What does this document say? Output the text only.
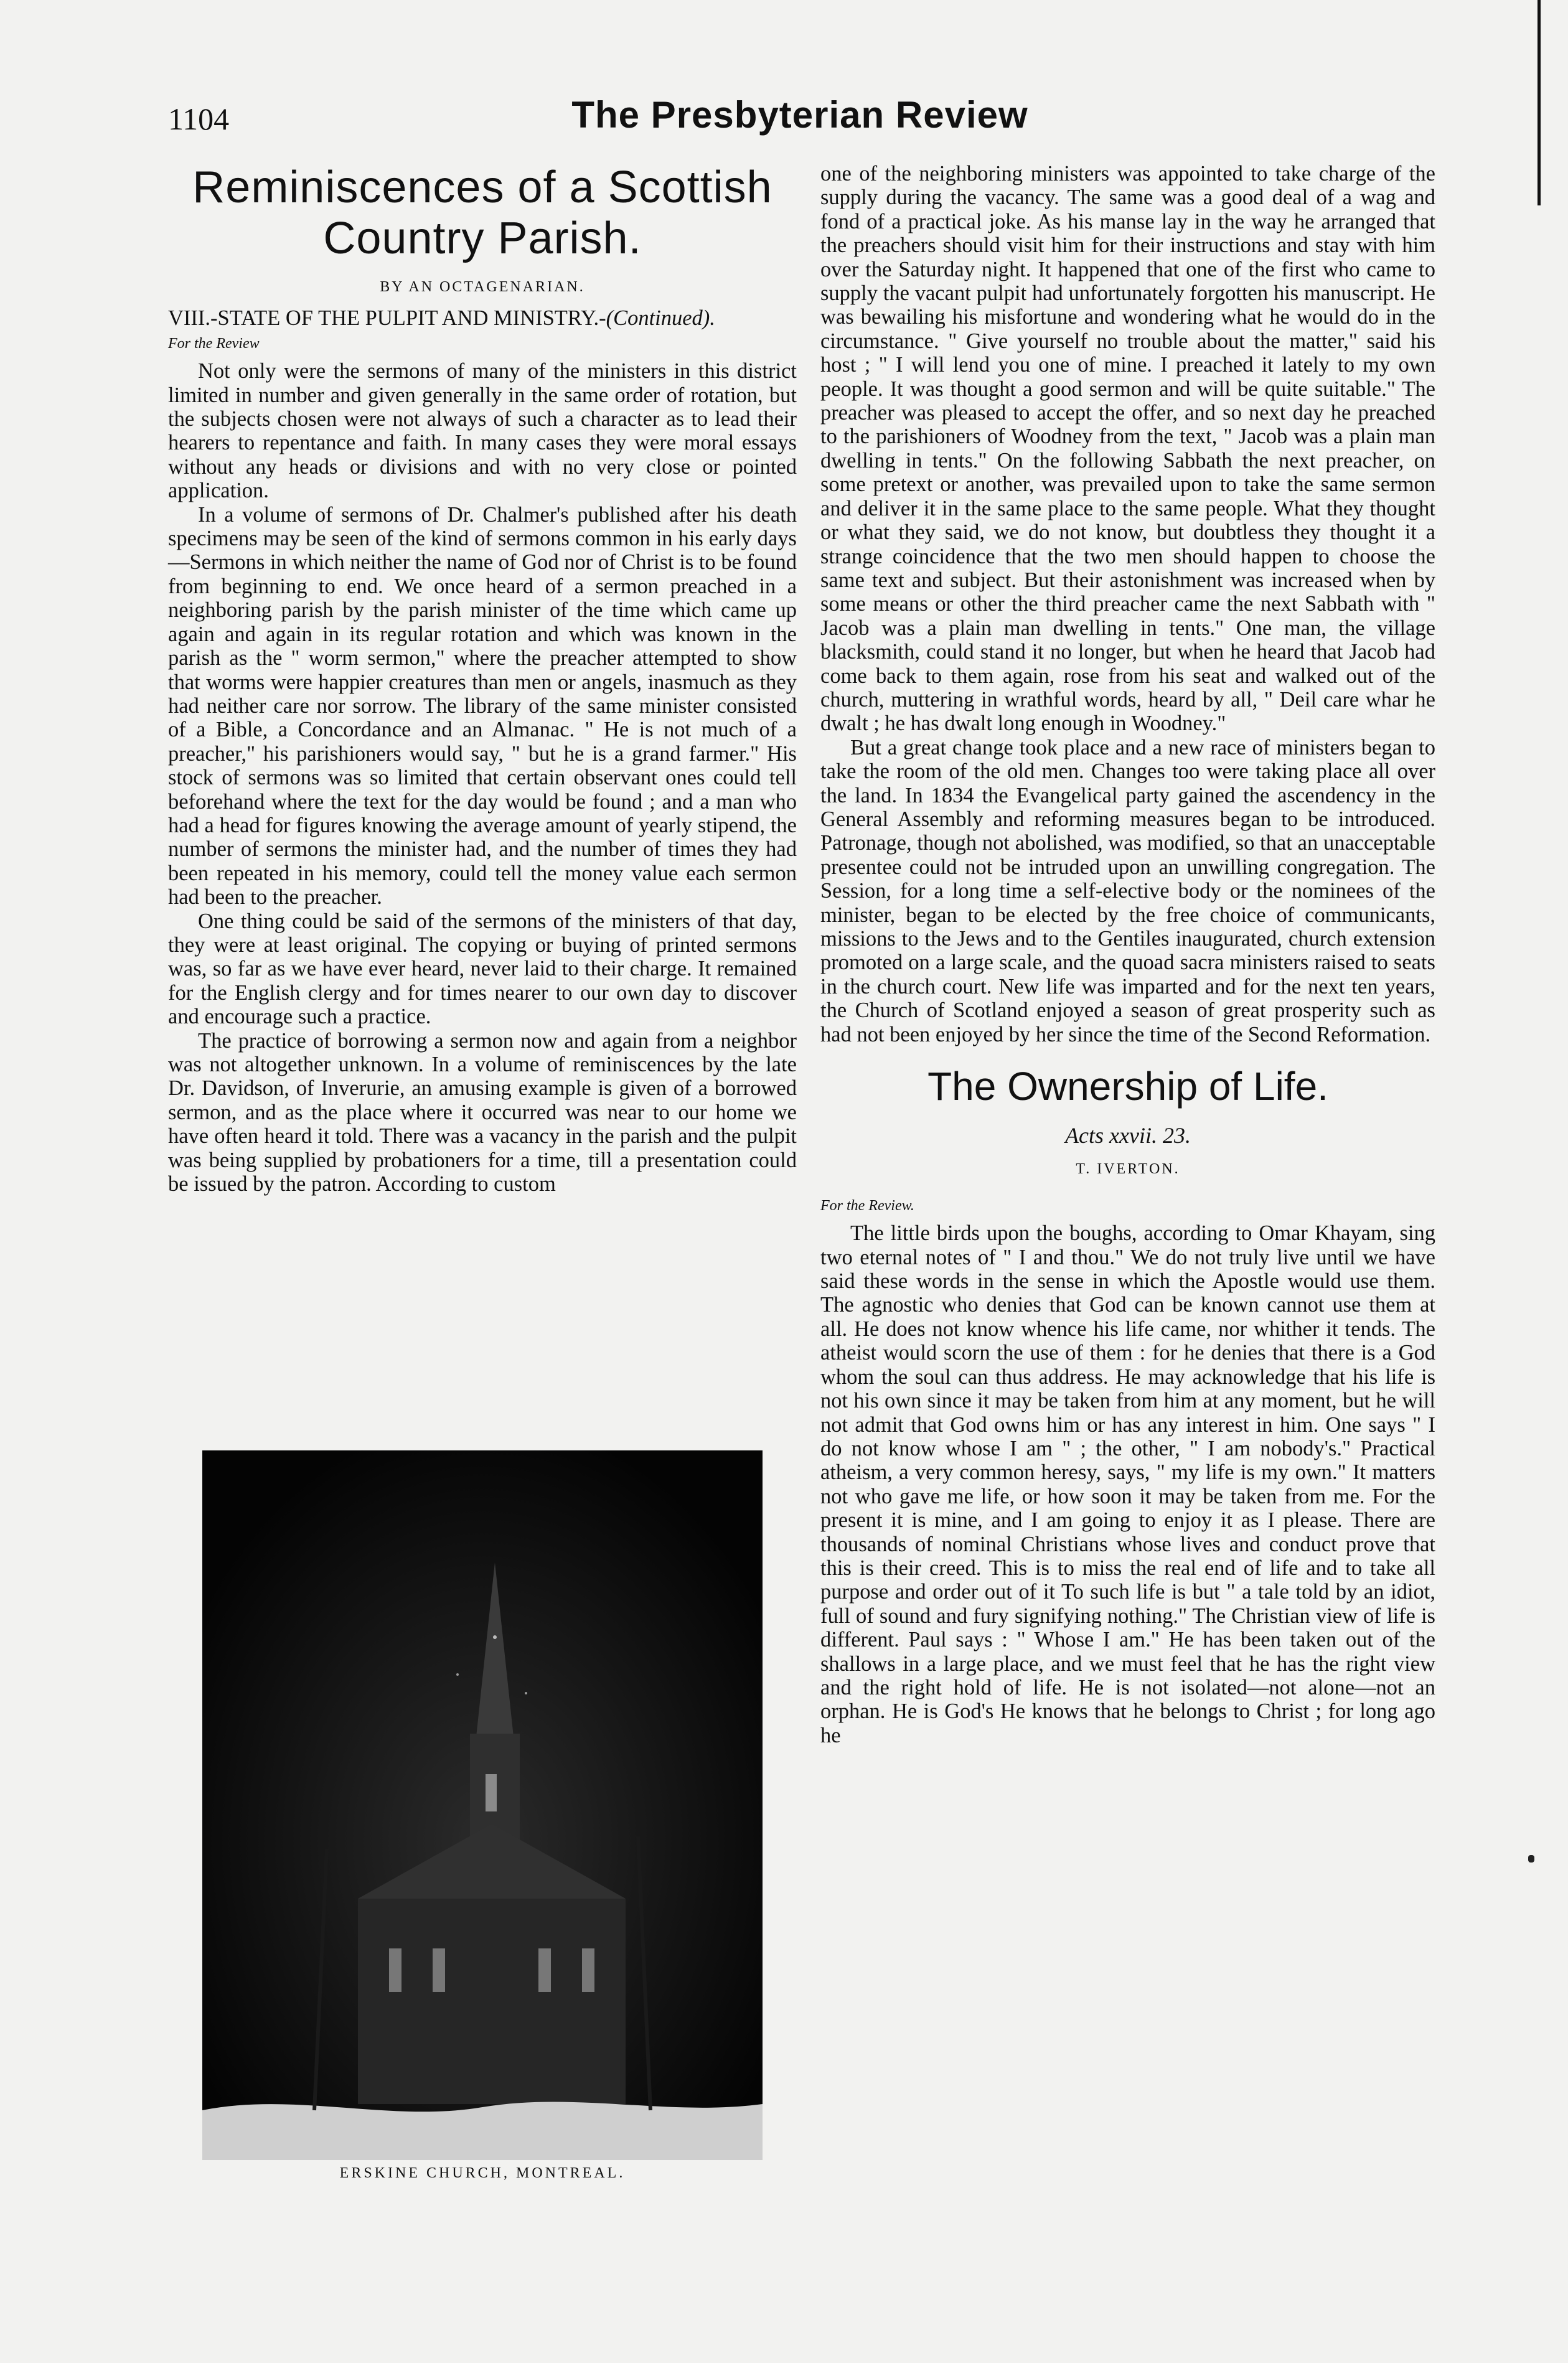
1104	The Presbyterian Review
Reminiscences of a Scottish Country Parish.
BY AN OCTAGENARIAN.
VIII.-STATE OF THE PULPIT AND MINISTRY.-(Continued).
For the Review

Not only were the sermons of many of the ministers in this district limited in number and given generally in the same order of rotation, but the subjects chosen were not always of such a character as to lead their hearers to repentance and faith. In many cases they were moral essays without any heads or divisions and with no very close or pointed application.

In a volume of sermons of Dr. Chalmer's published after his death specimens may be seen of the kind of sermons common in his early days—Sermons in which neither the name of God nor of Christ is to be found from beginning to end. We once heard of a sermon preached in a neighboring parish by the parish minister of the time which came up again and again in its regular rotation and which was known in the parish as the " worm sermon," where the preacher attempted to show that worms were happier creatures than men or angels, inasmuch as they had neither care nor sorrow. The library of the same minister consisted of a Bible, a Concordance and an Almanac. " He is not much of a preacher," his parishioners would say, " but he is a grand farmer." His stock of sermons was so limited that certain observant ones could tell beforehand where the text for the day would be found ; and a man who had a head for figures knowing the average amount of yearly stipend, the number of sermons the minister had, and the number of times they had been repeated in his memory, could tell the money value each sermon had been to the preacher.

One thing could be said of the sermons of the ministers of that day, they were at least original. The copying or buying of printed sermons was, so far as we have ever heard, never laid to their charge. It remained for the English clergy and for times nearer to our own day to discover and encourage such a practice.

The practice of borrowing a sermon now and again from a neighbor was not altogether unknown. In a volume of reminiscences by the late Dr. Davidson, of Inverurie, an amusing example is given of a borrowed sermon, and as the place where it occurred was near to our home we have often heard it told. There was a vacancy in the parish and the pulpit was being supplied by probationers for a time, till a presentation could be issued by the patron. According to custom

ERSKINE CHURCH, MONTREAL.

one of the neighboring ministers was appointed to take charge of the supply during the vacancy. The same was a good deal of a wag and fond of a practical joke. As his manse lay in the way he arranged that the preachers should visit him for their instructions and stay with him over the Saturday night. It happened that one of the first who came to supply the vacant pulpit had unfortunately forgotten his manuscript. He was bewailing his misfortune and wondering what he would do in the circumstance. " Give yourself no trouble about the matter," said his host ; " I will lend you one of mine. I preached it lately to my own people. It was thought a good sermon and will be quite suitable." The preacher was pleased to accept the offer, and so next day he preached to the parishioners of Woodney from the text, " Jacob was a plain man dwelling in tents." On the following Sabbath the next preacher, on some pretext or another, was prevailed upon to take the same sermon and deliver it in the same place to the same people. What they thought or what they said, we do not know, but doubtless they thought it a strange coincidence that the two men should happen to choose the same text and subject. But their astonishment was increased when by some means or other the third preacher came the next Sabbath with " Jacob was a plain man dwelling in tents." One man, the village blacksmith, could stand it no longer, but when he heard that Jacob had come back to them again, rose from his seat and walked out of the church, muttering in wrathful words, heard by all, " Deil care whar he dwalt ; he has dwalt long enough in Woodney."

But a great change took place and a new race of ministers began to take the room of the old men. Changes too were taking place all over the land. In 1834 the Evangelical party gained the ascendency in the General Assembly and reforming measures began to be introduced. Patronage, though not abolished, was modified, so that an unacceptable presentee could not be intruded upon an unwilling congregation. The Session, for a long time a self-elective body or the nominees of the minister, began to be elected by the free choice of communicants, missions to the Jews and to the Gentiles inaugurated, church extension promoted on a large scale, and the quoad sacra ministers raised to seats in the church court. New life was imparted and for the next ten years, the Church of Scotland enjoyed a season of great prosperity such as had not been enjoyed by her since the time of the Second Reformation.

The Ownership of Life.
Acts xxvii. 23.
T. IVERTON.
For the Review.

The little birds upon the boughs, according to Omar Khayam, sing two eternal notes of " I and thou." We do not truly live until we have said these words in the sense in which the Apostle would use them. The agnostic who denies that God can be known cannot use them at all. He does not know whence his life came, nor whither it tends. The atheist would scorn the use of them : for he denies that there is a God whom the soul can thus address. He may acknowledge that his life is not his own since it may be taken from him at any moment, but he will not admit that God owns him or has any interest in him. One says " I do not know whose I am " ; the other, " I am nobody's." Practical atheism, a very common heresy, says, " my life is my own." It matters not who gave me life, or how soon it may be taken from me. For the present it is mine, and I am going to enjoy it as I please. There are thousands of nominal Christians whose lives and conduct prove that this is their creed. This is to miss the real end of life and to take all purpose and order out of it To such life is but " a tale told by an idiot, full of sound and fury signifying nothing." The Christian view of life is different. Paul says : " Whose I am." He has been taken out of the shallows in a large place, and we must feel that he has the right view and the right hold of life. He is not isolated—not alone—not an orphan. He is God's He knows that he belongs to Christ ; for long ago he
